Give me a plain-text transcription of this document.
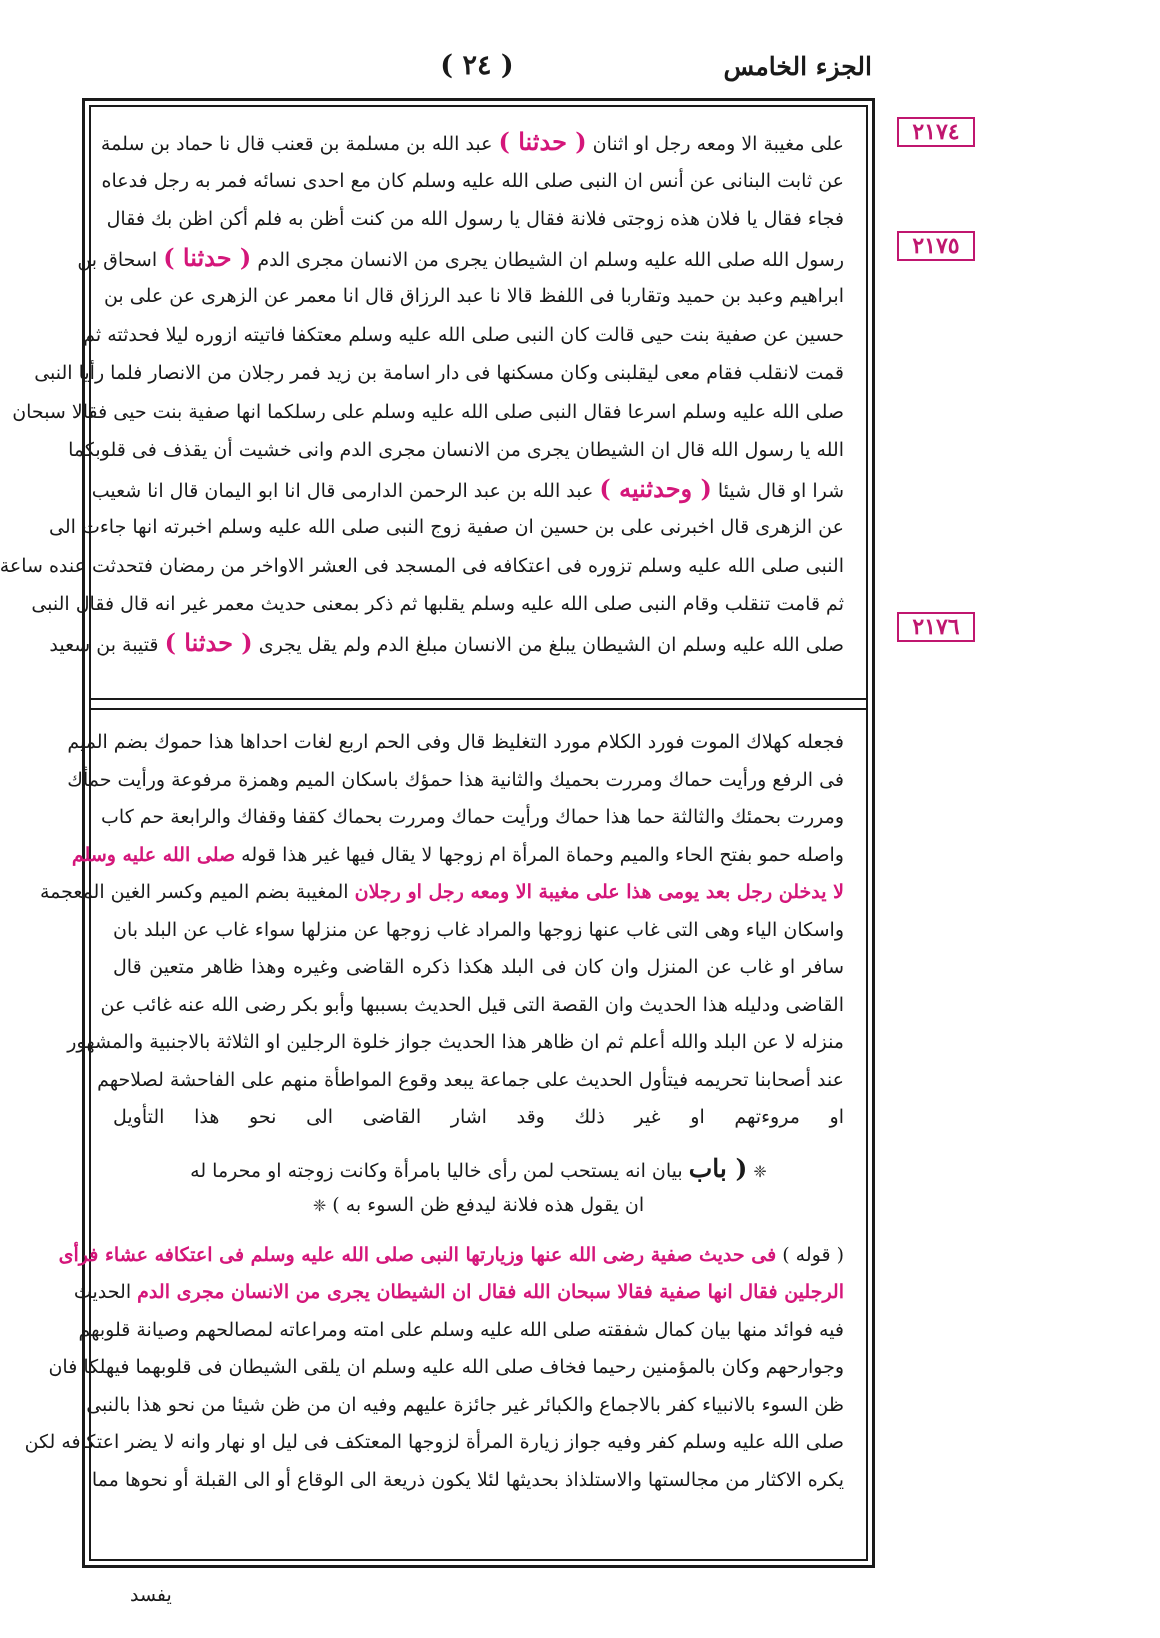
الجزء الخامس
( ٢٤ )
٢١٧٤
٢١٧٥
٢١٧٦
على مغيبة الا ومعه رجل او اثنان ( حدثنا ) عبد الله بن مسلمة بن قعنب قال نا حماد بن سلمة
عن ثابت البنانى عن أنس ان النبى صلى الله عليه وسلم كان مع احدى نسائه فمر به رجل فدعاه
فجاء فقال يا فلان هذه زوجتى فلانة فقال يا رسول الله من كنت أظن به فلم أكن اظن بك فقال
رسول الله صلى الله عليه وسلم ان الشيطان يجرى من الانسان مجرى الدم ( حدثنا ) اسحاق بن
ابراهيم وعبد بن حميد وتقاربا فى اللفظ قالا نا عبد الرزاق قال انا معمر عن الزهرى عن على بن
حسين عن صفية بنت حيى قالت كان النبى صلى الله عليه وسلم معتكفا فاتيته ازوره ليلا فحدثته ثم
قمت لانقلب فقام معى ليقلبنى وكان مسكنها فى دار اسامة بن زيد فمر رجلان من الانصار فلما رأيا النبى
صلى الله عليه وسلم اسرعا فقال النبى صلى الله عليه وسلم على رسلكما انها صفية بنت حيى فقالا سبحان
الله يا رسول الله قال ان الشيطان يجرى من الانسان مجرى الدم وانى خشيت أن يقذف فى قلوبكما
شرا او قال شيئا ( وحدثنيه ) عبد الله بن عبد الرحمن الدارمى قال انا ابو اليمان قال انا شعيب
عن الزهرى قال اخبرنى على بن حسين ان صفية زوج النبى صلى الله عليه وسلم اخبرته انها جاءت الى
النبى صلى الله عليه وسلم تزوره فى اعتكافه فى المسجد فى العشر الاواخر من رمضان فتحدثت عنده ساعة
ثم قامت تنقلب وقام النبى صلى الله عليه وسلم يقلبها ثم ذكر بمعنى حديث معمر غير انه قال فقال النبى
صلى الله عليه وسلم ان الشيطان يبلغ من الانسان مبلغ الدم ولم يقل يجرى ( حدثنا ) قتيبة بن سعيد
فجعله كهلاك الموت فورد الكلام مورد التغليظ قال وفى الحم اربع لغات احداها هذا حموك بضم الميم
فى الرفع ورأيت حماك ومررت بحميك والثانية هذا حمؤك باسكان الميم وهمزة مرفوعة ورأيت حمأك
ومررت بحمئك والثالثة حما هذا حماك ورأيت حماك ومررت بحماك كقفا وقفاك والرابعة حم كاب
واصله حمو بفتح الحاء والميم وحماة المرأة ام زوجها لا يقال فيها غير هذا قوله صلى الله عليه وسلم
لا يدخلن رجل بعد يومى هذا على مغيبة الا ومعه رجل او رجلان المغيبة بضم الميم وكسر الغين المعجمة
واسكان الياء وهى التى غاب عنها زوجها والمراد غاب زوجها عن منزلها سواء غاب عن البلد بان
سافر او غاب عن المنزل وان كان فى البلد هكذا ذكره القاضى وغيره وهذا ظاهر متعين قال
القاضى ودليله هذا الحديث وان القصة التى قيل الحديث بسببها وأبو بكر رضى الله عنه غائب عن
منزله لا عن البلد والله أعلم ثم ان ظاهر هذا الحديث جواز خلوة الرجلين او الثلاثة بالاجنبية والمشهور
عند أصحابنا تحريمه فيتأول الحديث على جماعة يبعد وقوع المواطأة منهم على الفاحشة لصلاحهم
او مروءتهم او غير ذلك وقد اشار القاضى الى نحو هذا التأويل
❈ ( باب بيان انه يستحب لمن رأى خاليا بامرأة وكانت زوجته او محرما له
ان يقول هذه فلانة ليدفع ظن السوء به ) ❈
( قوله ) فى حديث صفية رضى الله عنها وزيارتها النبى صلى الله عليه وسلم فى اعتكافه عشاء فرأى
الرجلين فقال انها صفية فقالا سبحان الله فقال ان الشيطان يجرى من الانسان مجرى الدم الحديث
فيه فوائد منها بيان كمال شفقته صلى الله عليه وسلم على امته ومراعاته لمصالحهم وصيانة قلوبهم
وجوارحهم وكان بالمؤمنين رحيما فخاف صلى الله عليه وسلم ان يلقى الشيطان فى قلوبهما فيهلكا فان
ظن السوء بالانبياء كفر بالاجماع والكبائر غير جائزة عليهم وفيه ان من ظن شيئا من نحو هذا بالنبى
صلى الله عليه وسلم كفر وفيه جواز زيارة المرأة لزوجها المعتكف فى ليل او نهار وانه لا يضر اعتكافه لكن
يكره الاكثار من مجالستها والاستلذاذ بحديثها لئلا يكون ذريعة الى الوقاع أو الى القبلة أو نحوها مما
يفسد
